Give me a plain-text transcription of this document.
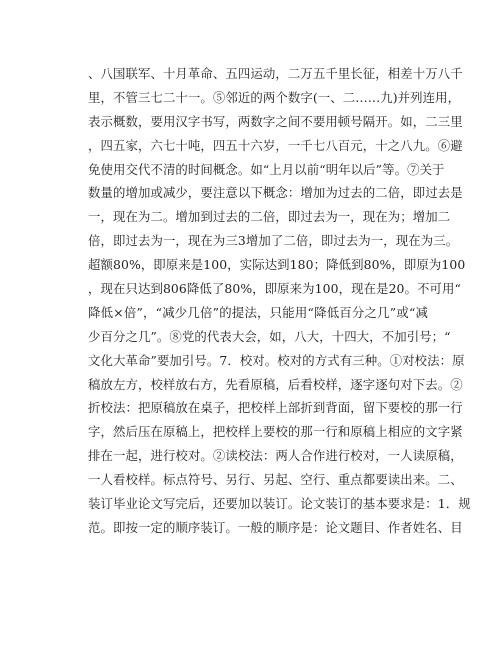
、八国联军、十月革命、五四运动，二万五千里长征，相差十万八千
里，不管三七二十一。⑤邻近的两个数字(一、二……九)并列连用，
表示概数，要用汉字书写，两数字之间不要用顿号隔开。如，二三里
，四五家，六七十吨，四五十六岁，一千七八百元，十之八九。⑥避
免使用交代不清的时间概念。如“上月以前“明年以后”等。⑦关于
数量的增加或减少，要注意以下概念：增加为过去的二倍，即过去是
一，现在为二。增加到过去的二倍，即过去为一，现在为；增加二
倍，即过去为一，现在为三3增加了二倍，即过去为一，现在为三。
超额80%，即原来是100，实际达到180；降低到80%，即原为100
，现在只达到806降低了80%，即原来为100，现在是20。不可用“
降低×倍”，“减少几倍”的提法，只能用“降低百分之几”或“减
少百分之几”。⑧党的代表大会，如，八大，十四大，不加引号；“
文化大革命”要加引号。7．校对。校对的方式有三种。①对校法：原
稿放左方，校样放右方，先看原稿，后看校样，逐字逐句对下去。②
折校法：把原稿放在桌子，把校样上部折到背面，留下要校的那一行
字，然后压在原稿上，把校样上要校的那一行和原稿上相应的文字紧
排在一起，进行校对。②读校法：两人合作进行校对，一人读原稿，
一人看校样。标点符号、另行、另起、空行、重点都要读出来。二、
装订毕业论文写完后，还要加以装订。论文装订的基本要求是：1．规
范。即按一定的顺序装订。一般的顺序是：论文题目、作者姓名、目
